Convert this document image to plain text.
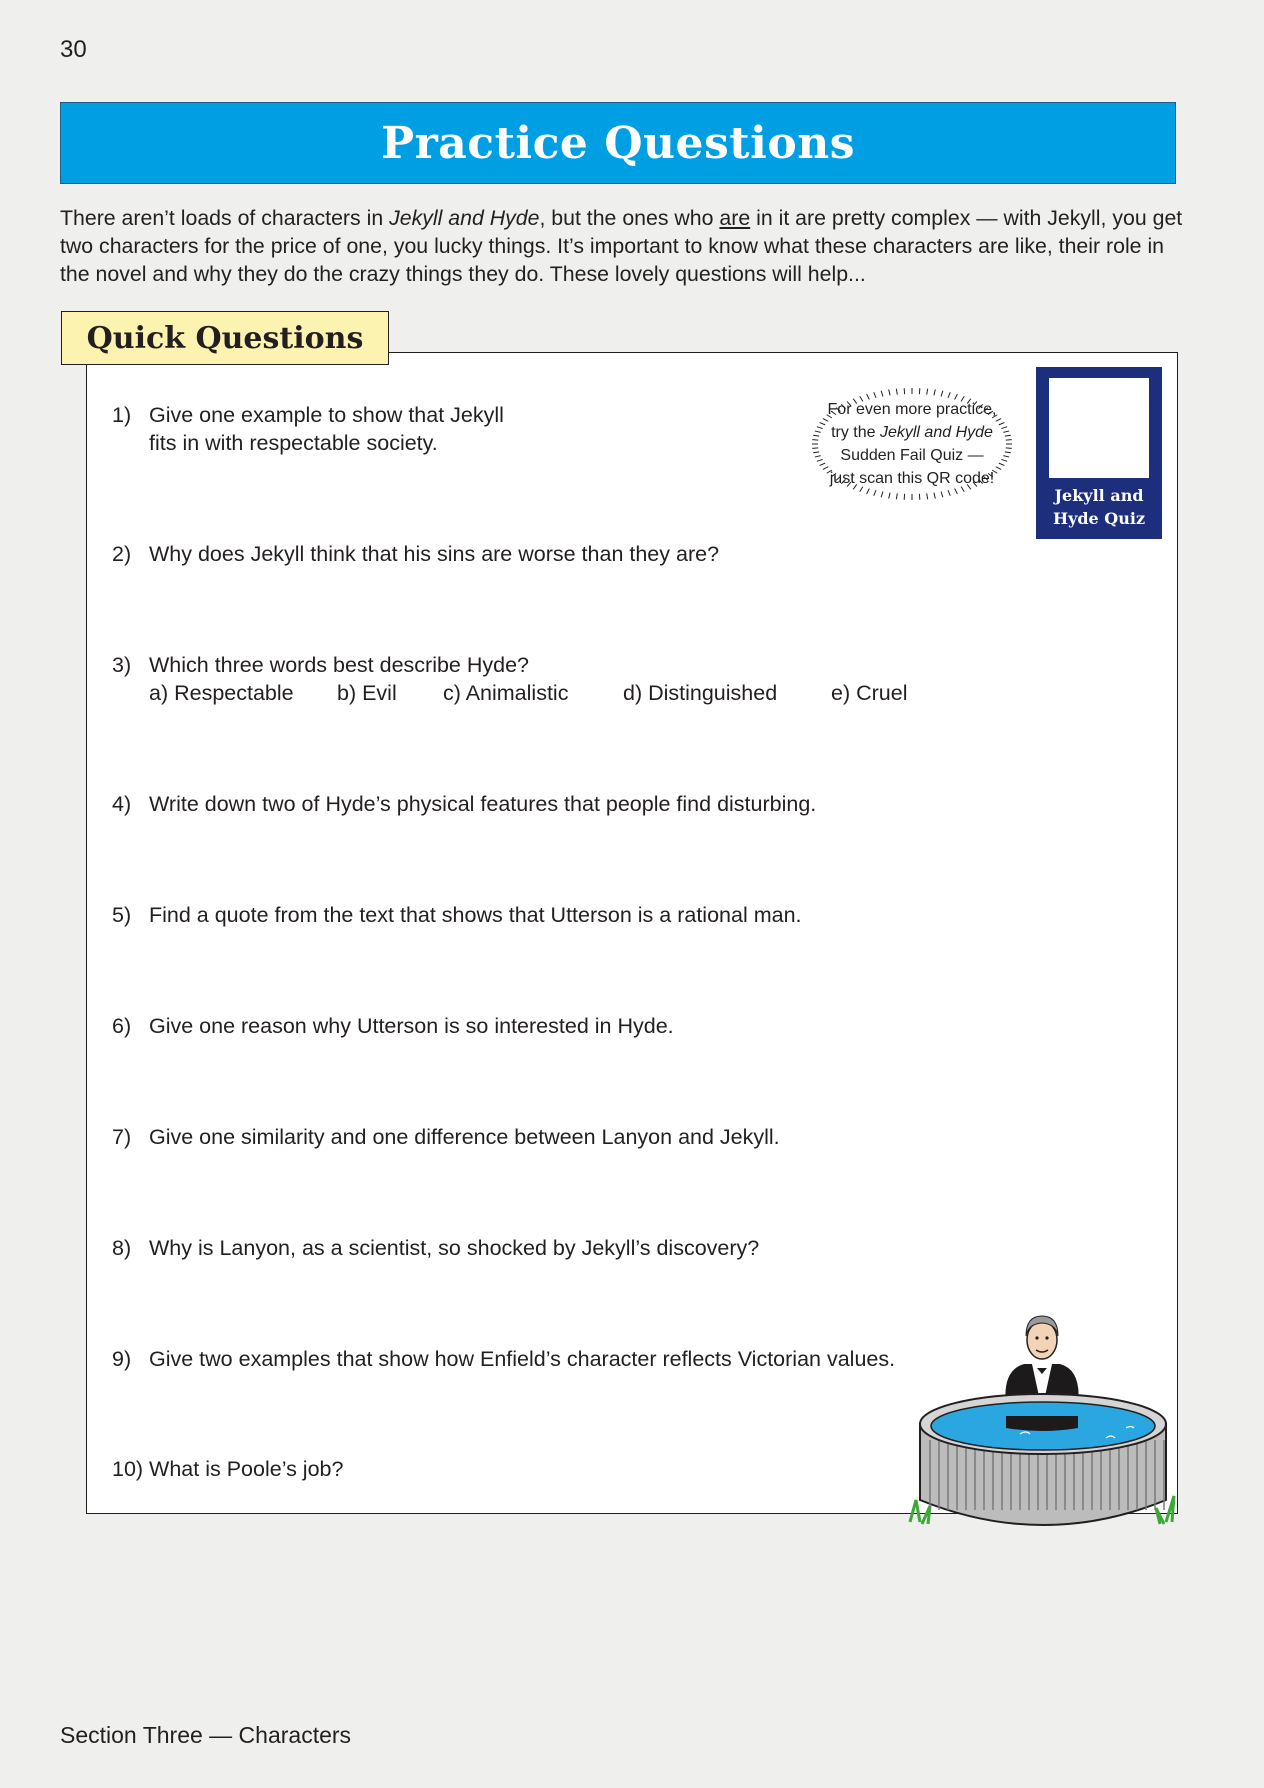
30
Practice Questions

There aren’t loads of characters in Jekyll and Hyde, but the ones who are in it are pretty complex — with Jekyll, you get two characters for the price of one, you lucky things. It’s important to know what these characters are like, their role in the novel and why they do the crazy things they do. These lovely questions will help...

Quick Questions
For even more practice,
try the Jekyll and Hyde
Sudden Fail Quiz —
just scan this QR code!
Jekyll and
Hyde Quiz
1) Give one example to show that Jekyll
fits in with respectable society.
2) Why does Jekyll think that his sins are worse than they are?
3) Which three words best describe Hyde?
a) Respectable b) Evil c) Animalistic	d) Distinguished	e) Cruel
4) Write down two of Hyde’s physical features that people find disturbing.
5) Find a quote from the text that shows that Utterson is a rational man.
6) Give one reason why Utterson is so interested in Hyde.
7) Give one similarity and one difference between Lanyon and Jekyll.
8) Why is Lanyon, as a scientist, so shocked by Jekyll’s discovery?
9) Give two examples that show how Enfield’s character reflects Victorian values.
10) What is Poole’s job?
Section Three — Characters
